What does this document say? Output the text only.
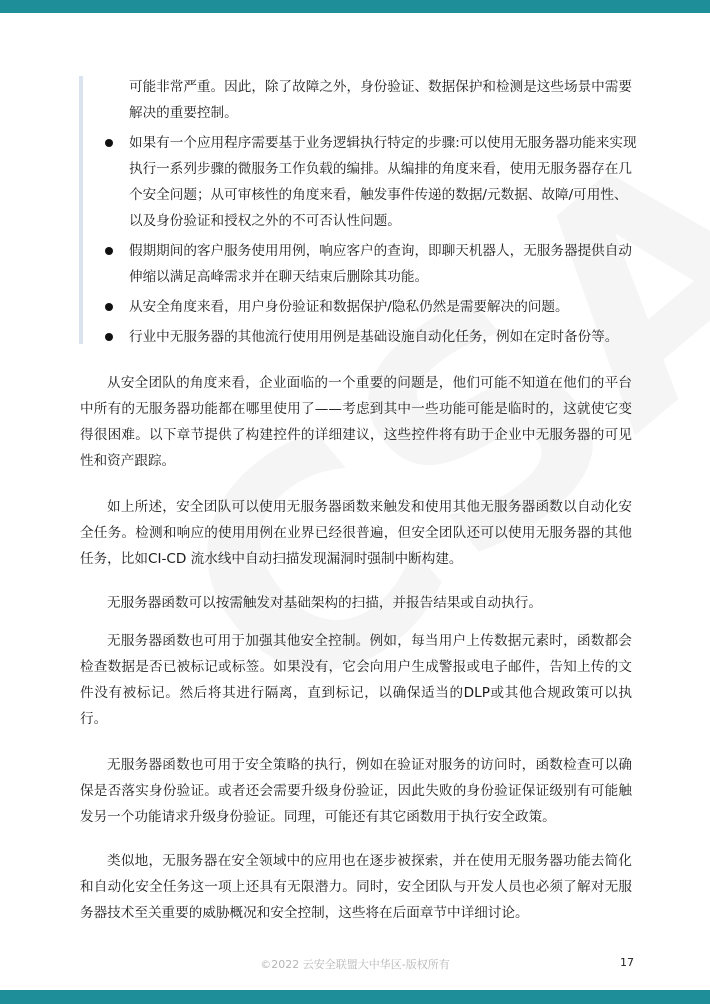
可能非常严重。因此，除了故障之外，身份验证、数据保护和检测是这些场景中需要解决的重要控制。
如果有一个应用程序需要基于业务逻辑执行特定的步骤:可以使用无服务器功能来实现执行一系列步骤的微服务工作负载的编排。从编排的角度来看，使用无服务器存在几个安全问题；从可审核性的角度来看，触发事件传递的数据/元数据、故障/可用性、以及身份验证和授权之外的不可否认性问题。
假期期间的客户服务使用用例，响应客户的查询，即聊天机器人，无服务器提供自动伸缩以满足高峰需求并在聊天结束后删除其功能。
从安全角度来看，用户身份验证和数据保护/隐私仍然是需要解决的问题。
行业中无服务器的其他流行使用用例是基础设施自动化任务，例如在定时备份等。

从安全团队的角度来看，企业面临的一个重要的问题是，他们可能不知道在他们的平台中所有的无服务器功能都在哪里使用了——考虑到其中一些功能可能是临时的，这就使它变得很困难。以下章节提供了构建控件的详细建议，这些控件将有助于企业中无服务器的可见性和资产跟踪。

如上所述，安全团队可以使用无服务器函数来触发和使用其他无服务器函数以自动化安全任务。检测和响应的使用用例在业界已经很普遍，但安全团队还可以使用无服务器的其他任务，比如CI-CD 流水线中自动扫描发现漏洞时强制中断构建。

无服务器函数可以按需触发对基础架构的扫描，并报告结果或自动执行。

无服务器函数也可用于加强其他安全控制。例如，每当用户上传数据元素时，函数都会检查数据是否已被标记或标签。如果没有，它会向用户生成警报或电子邮件，告知上传的文件没有被标记。然后将其进行隔离，直到标记，以确保适当的DLP或其他合规政策可以执行。

无服务器函数也可用于安全策略的执行，例如在验证对服务的访问时，函数检查可以确保是否落实身份验证。或者还会需要升级身份验证，因此失败的身份验证保证级别有可能触发另一个功能请求升级身份验证。同理，可能还有其它函数用于执行安全政策。

类似地，无服务器在安全领域中的应用也在逐步被探索，并在使用无服务器功能去简化和自动化安全任务这一项上还具有无限潜力。同时，安全团队与开发人员也必须了解对无服务器技术至关重要的威胁概况和安全控制，这些将在后面章节中详细讨论。

©2022 云安全联盟大中华区-版权所有	17
